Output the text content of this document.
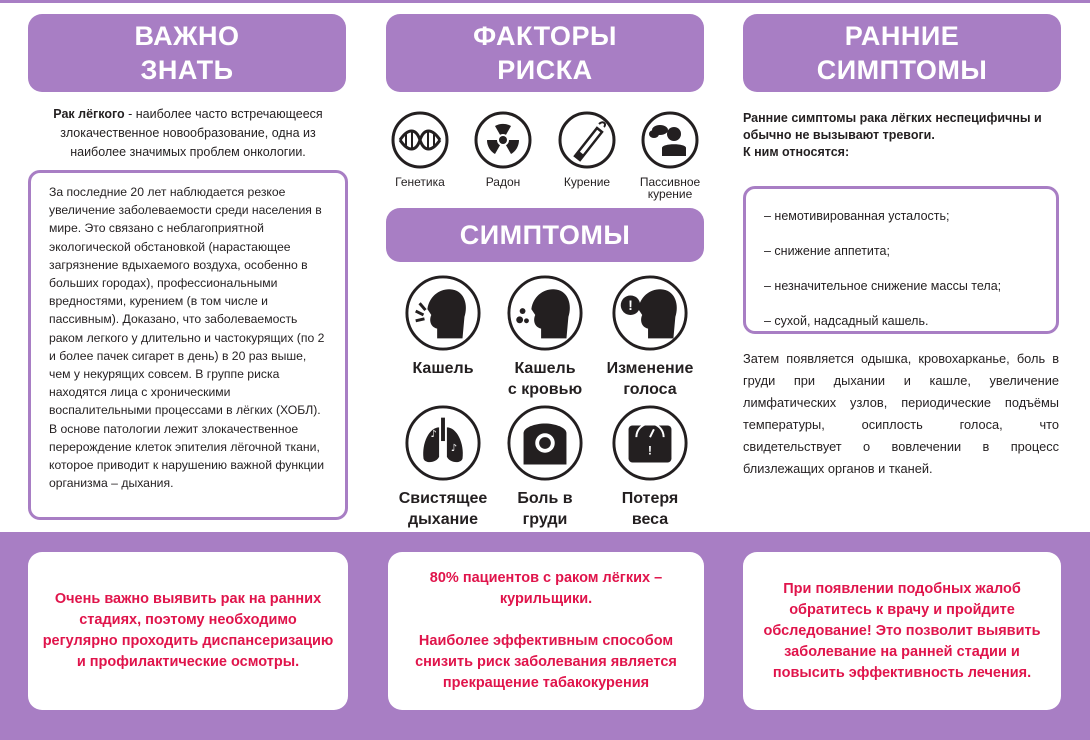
ВАЖНО
ЗНАТЬ
ФАКТОРЫ
РИСКА
РАННИЕ
СИМПТОМЫ
СИМПТОМЫ
Рак лёгкого - наиболее часто встречающееся злокачественное новообразование, одна из наиболее значимых проблем онкологии.

За последние 20 лет наблюдается резкое увеличение заболеваемости среди населения в мире. Это связано с неблагоприятной экологической обстановкой (нарастающее загрязнение вдыхаемого воздуха, особенно в больших городах), профессиональными вредностями, курением (в том числе и пассивным). Доказано, что заболеваемость раком легкого у длительно и частокурящих (по 2 и более пачек сигарет в день) в 20 раз выше, чем у некурящих совсем. В группе риска находятся лица с хроническими воспалительными процессами в лёгких (ХОБЛ).

В основе патологии лежит злокачественное перерождение клеток эпителия лёгочной ткани, которое приводит к нарушению важной функции организма – дыхания.

Генетика	Радон	Курение	Пассивное
курение
Кашель	Кашель
с кровью
!
Изменение
голоса
♪
♪
Свистящее
дыхание
Боль в
груди
!
Потеря
веса
Ранние симптомы рака лёгких неспецифичны и обычно не вызывают тревоги.
К ним относятся:
– немотивированная усталость;
– снижение аппетита;
– незначительное снижение массы тела;
– сухой, надсадный кашель.
Затем появляется одышка, кровохарканье, боль в груди при дыхании и кашле, увеличение лимфатических узлов, периодические подъёмы температуры, осиплость голоса, что свидетельствует о вовлечении в процесс близлежащих органов и тканей.
Очень важно выявить рак на ранних стадиях, поэтому необходимо регулярно проходить диспансеризацию и профилактические осмотры.
80% пациентов с раком лёгких – курильщики.

Наиболее эффективным способом снизить риск заболевания является прекращение табакокурения
При появлении подобных жалоб обратитесь к врачу и пройдите обследование! Это позволит выявить заболевание на ранней стадии и повысить эффективность лечения.
